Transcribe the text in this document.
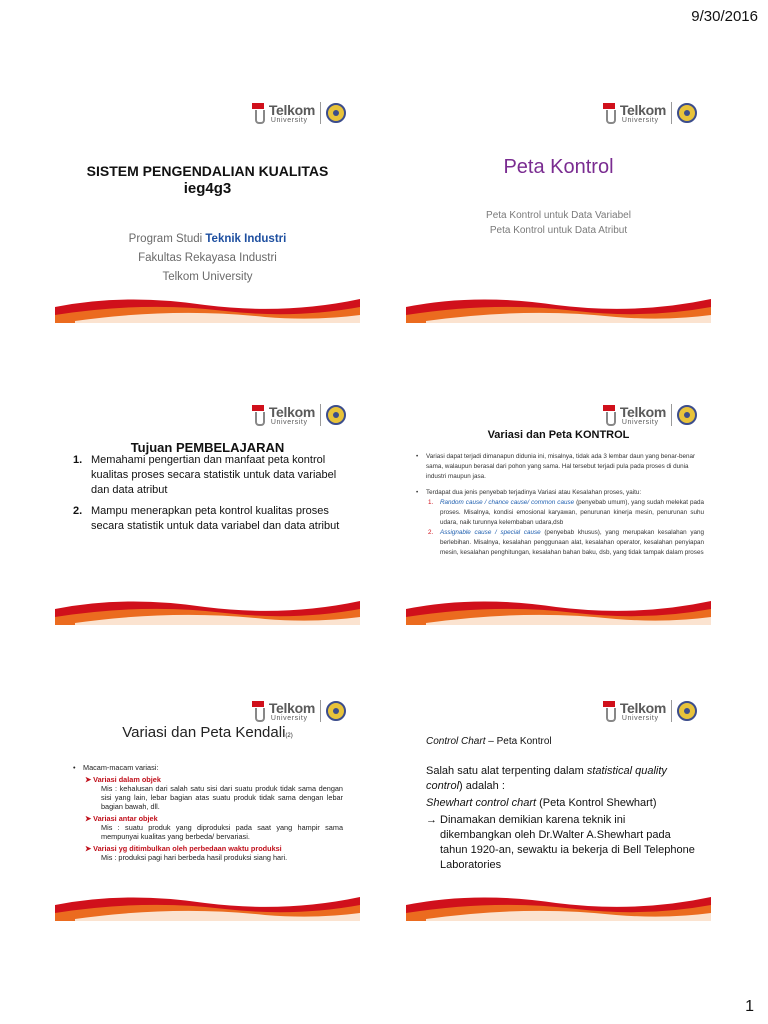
9/30/2016
Telkom
University
SISTEM PENGENDALIAN KUALITAS
ieg4g3
Program Studi Teknik Industri
Fakultas Rekayasa Industri
Telkom University
Telkom
University
Peta Kontrol
Peta Kontrol untuk Data Variabel
Peta Kontrol untuk Data Atribut
Telkom
University
Tujuan PEMBELAJARAN
1. Memahami pengertian dan manfaat peta kontrol kualitas proses secara statistik untuk data variabel dan data atribut
2. Mampu menerapkan peta kontrol kualitas proses secara statistik untuk data variabel dan data atribut
Telkom
University
Variasi dan Peta KONTROL
•	Variasi dapat terjadi dimanapun didunia ini, misalnya, tidak ada 3 lembar daun yang benar-benar sama, walaupun berasal dari pohon yang sama. Hal tersebut terjadi pula pada proses di dunia industri maupun jasa.
•	Terdapat dua jenis penyebab terjadinya Variasi atau Kesalahan proses, yaitu:
1.	Random cause / chance cause/ common cause (penyebab umum), yang sudah melekat pada proses. Misalnya, kondisi emosional karyawan, penurunan kinerja mesin, penurunan suhu udara, naik turunnya kelembaban udara,dsb
2.	Assignable cause / special cause (penyebab khusus), yang merupakan kesalahan yang berlebihan. Misalnya, kesalahan penggunaan alat, kesalahan operator, kesalahan penyiapan mesin, kesalahan penghitungan, kesalahan bahan baku, dsb, yang tidak tampak dalam proses
Telkom
University
Variasi dan Peta Kendali(2)
•	Macam-macam variasi:
➤ Variasi dalam objek
Mis : kehalusan dari salah satu sisi dari suatu produk tidak sama dengan sisi yang lain, lebar bagian atas suatu produk tidak sama dengan lebar bagian bawah, dll.
➤ Variasi antar objek
Mis : suatu produk yang diproduksi pada saat yang hampir sama mempunyai kualitas yang berbeda/ bervariasi.
➤ Variasi yg ditimbulkan oleh perbedaan waktu produksi
Mis : produksi pagi hari berbeda hasil produksi siang hari.
Telkom
University
Control Chart – Peta Kontrol

Salah satu alat terpenting dalam statistical quality control) adalah :

Shewhart control chart (Peta Kontrol Shewhart)

→ Dinamakan demikian karena teknik ini dikembangkan oleh Dr.Walter A.Shewhart pada tahun 1920-an, sewaktu ia bekerja di Bell Telephone Laboratories
1
